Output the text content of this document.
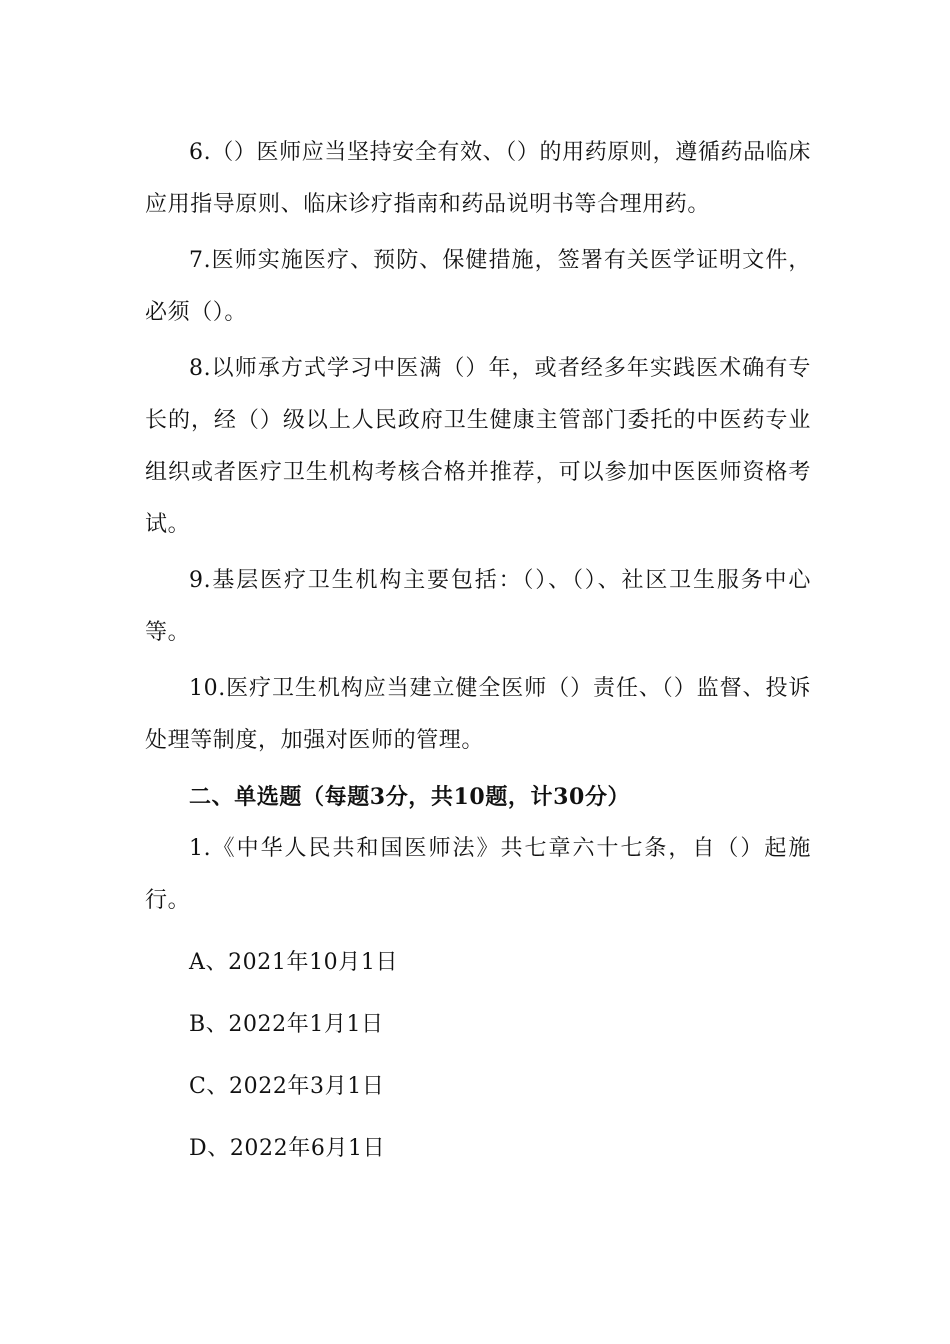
6.（）医师应当坚持安全有效、（）的用药原则，遵循药品临床应用指导原则、临床诊疗指南和药品说明书等合理用药。

7.医师实施医疗、预防、保健措施，签署有关医学证明文件，必须（）。

8.以师承方式学习中医满（）年，或者经多年实践医术确有专长的，经（）级以上人民政府卫生健康主管部门委托的中医药专业组织或者医疗卫生机构考核合格并推荐，可以参加中医医师资格考试。

9.基层医疗卫生机构主要包括：（）、（）、社区卫生服务中心等。

10.医疗卫生机构应当建立健全医师（）责任、（）监督、投诉处理等制度，加强对医师的管理。

二、单选题（每题3分，共10题，计30分）

1.《中华人民共和国医师法》共七章六十七条，自（）起施行。

A、2021年10月1日

B、2022年1月1日

C、2022年3月1日

D、2022年6月1日
